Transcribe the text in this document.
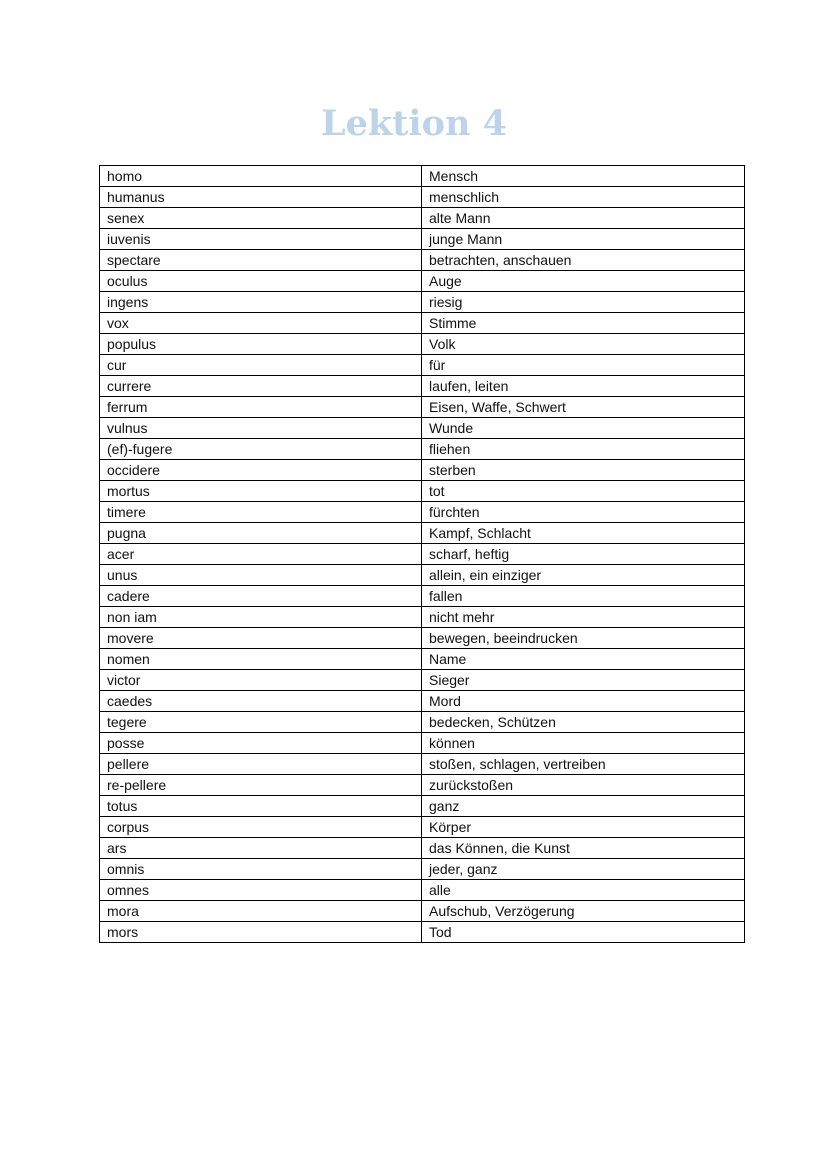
Lektion 4
homo	Mensch
humanus	menschlich
senex	alte Mann
iuvenis	junge Mann
spectare	betrachten, anschauen
oculus	Auge
ingens	riesig
vox	Stimme
populus	Volk
cur	für
currere	laufen, leiten
ferrum	Eisen, Waffe, Schwert
vulnus	Wunde
(ef)-fugere	fliehen
occidere	sterben
mortus	tot
timere	fürchten
pugna	Kampf, Schlacht
acer	scharf, heftig
unus	allein, ein einziger
cadere	fallen
non iam	nicht mehr
movere	bewegen, beeindrucken
nomen	Name
victor	Sieger
caedes	Mord
tegere	bedecken, Schützen
posse	können
pellere	stoßen, schlagen, vertreiben
re-pellere	zurückstoßen
totus	ganz
corpus	Körper
ars	das Können, die Kunst
omnis	jeder, ganz
omnes	alle
mora	Aufschub, Verzögerung
mors	Tod
